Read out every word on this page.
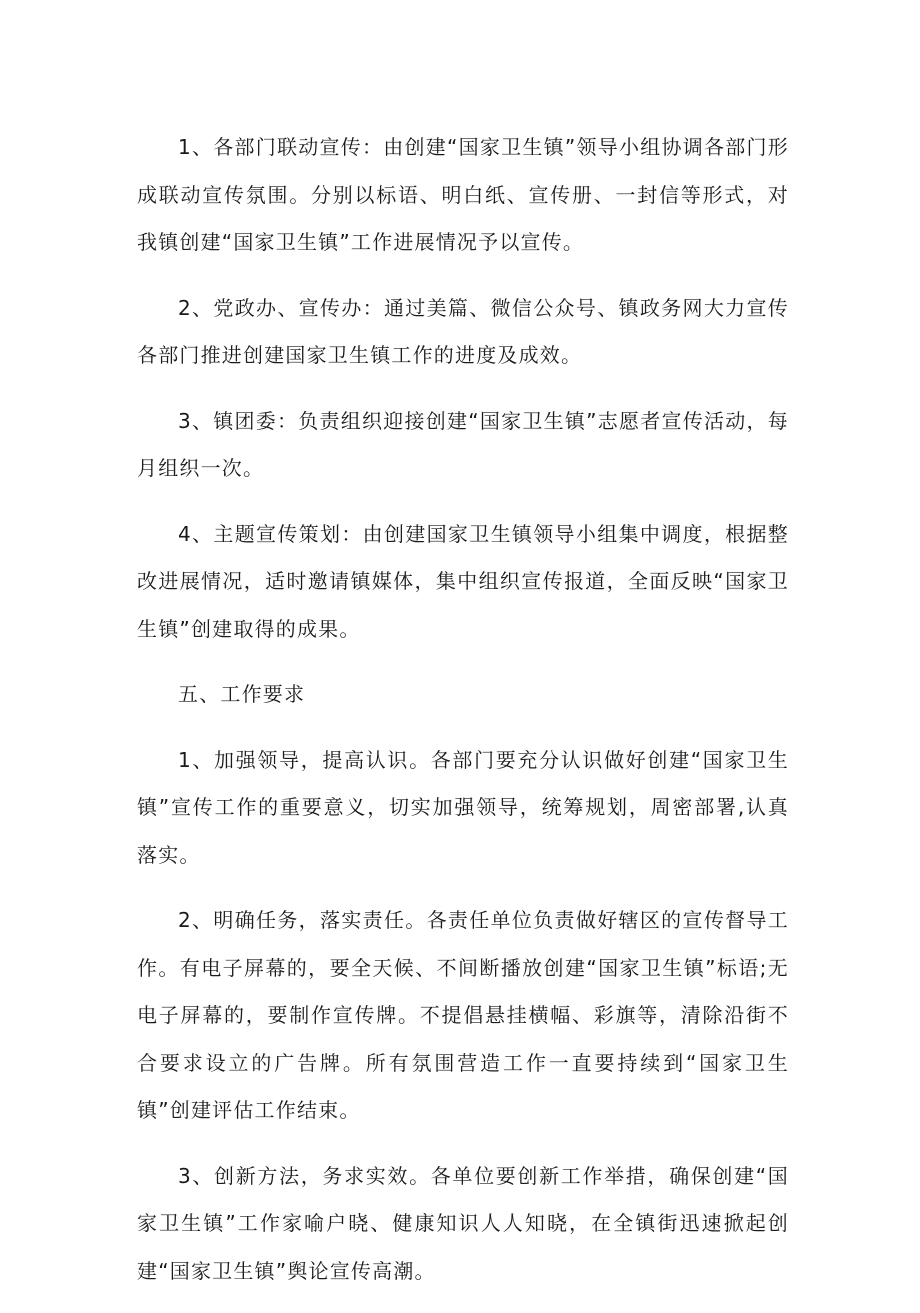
1、各部门联动宣传：由创建“国家卫生镇”领导小组协调各部门形成联动宣传氛围。分别以标语、明白纸、宣传册、一封信等形式，对我镇创建“国家卫生镇”工作进展情况予以宣传。

2、党政办、宣传办：通过美篇、微信公众号、镇政务网大力宣传各部门推进创建国家卫生镇工作的进度及成效。

3、镇团委：负责组织迎接创建“国家卫生镇”志愿者宣传活动，每月组织一次。

4、主题宣传策划：由创建国家卫生镇领导小组集中调度，根据整改进展情况，适时邀请镇媒体，集中组织宣传报道，全面反映“国家卫生镇”创建取得的成果。

五、工作要求

1、加强领导，提高认识。各部门要充分认识做好创建“国家卫生镇”宣传工作的重要意义，切实加强领导，统筹规划，周密部署,认真落实。

2、明确任务，落实责任。各责任单位负责做好辖区的宣传督导工作。有电子屏幕的，要全天候、不间断播放创建“国家卫生镇”标语;无电子屏幕的，要制作宣传牌。不提倡悬挂横幅、彩旗等，清除沿街不合要求设立的广告牌。所有氛围营造工作一直要持续到“国家卫生镇”创建评估工作结束。

3、创新方法，务求实效。各单位要创新工作举措，确保创建“国家卫生镇”工作家喻户晓、健康知识人人知晓，在全镇街迅速掀起创建“国家卫生镇”舆论宣传高潮。
